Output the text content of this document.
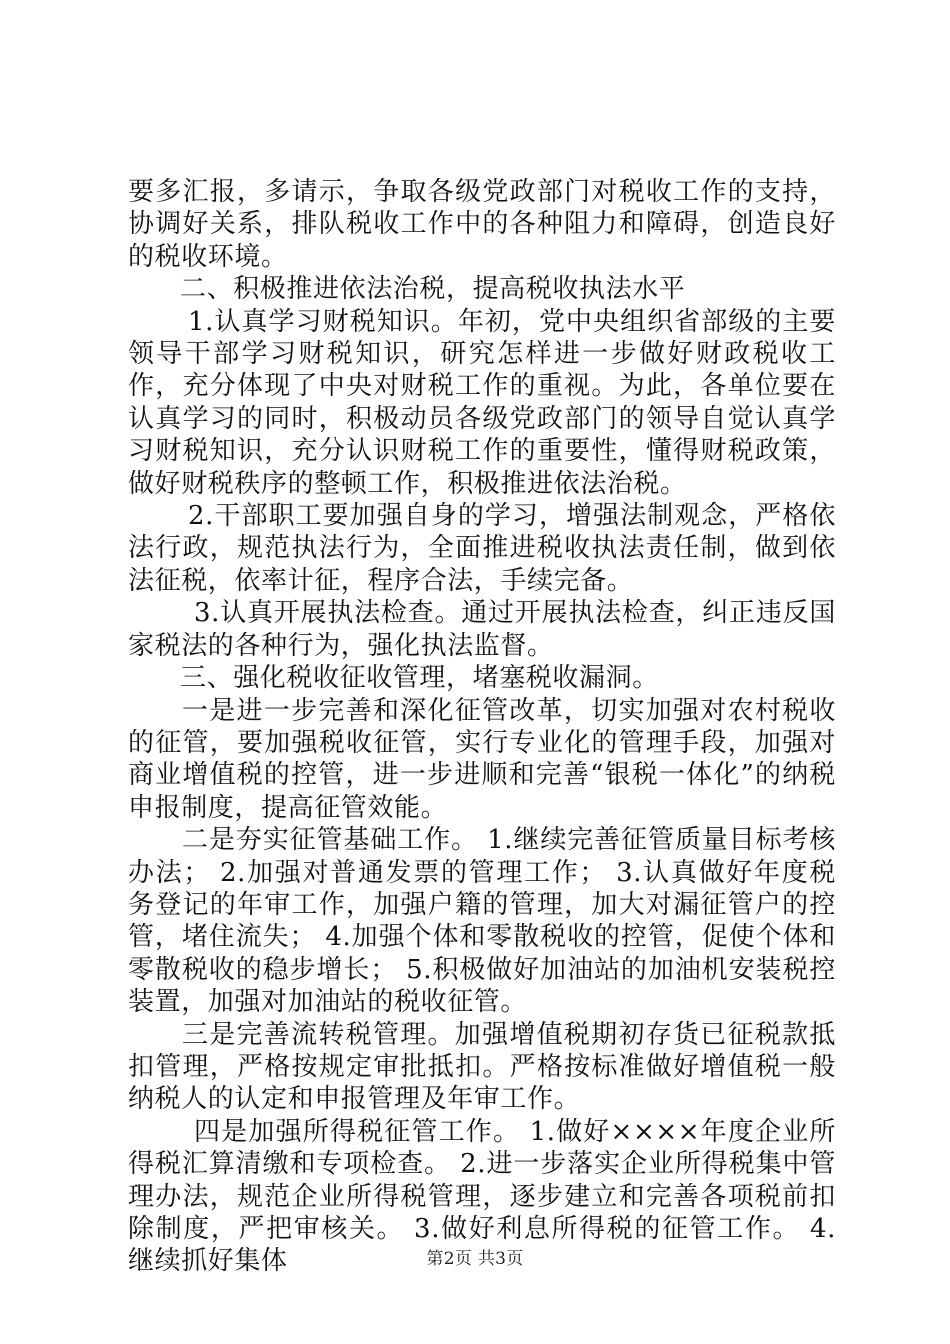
要多汇报，多请示，争取各级党政部门对税收工作的支持，协调好关系，排队税收工作中的各种阻力和障碍，创造良好的税收环境。

二、积极推进依法治税，提高税收执法水平

1.认真学习财税知识。年初，党中央组织省部级的主要领导干部学习财税知识，研究怎样进一步做好财政税收工作，充分体现了中央对财税工作的重视。为此，各单位要在认真学习的同时，积极动员各级党政部门的领导自觉认真学习财税知识，充分认识财税工作的重要性，懂得财税政策，做好财税秩序的整顿工作，积极推进依法治税。

2.干部职工要加强自身的学习，增强法制观念，严格依法行政，规范执法行为，全面推进税收执法责任制，做到依法征税，依率计征，程序合法，手续完备。

3.认真开展执法检查。通过开展执法检查，纠正违反国家税法的各种行为，强化执法监督。

三、强化税收征收管理，堵塞税收漏洞。

一是进一步完善和深化征管改革，切实加强对农村税收的征管，要加强税收征管，实行专业化的管理手段，加强对商业增值税的控管，进一步进顺和完善“银税一体化”的纳税申报制度，提高征管效能。

二是夯实征管基础工作。 1.继续完善征管质量目标考核办法； 2.加强对普通发票的管理工作； 3.认真做好年度税务登记的年审工作，加强户籍的管理，加大对漏征管户的控管，堵住流失； 4.加强个体和零散税收的控管，促使个体和零散税收的稳步增长； 5.积极做好加油站的加油机安装税控装置，加强对加油站的税收征管。

三是完善流转税管理。加强增值税期初存货已征税款抵扣管理，严格按规定审批抵扣。严格按标准做好增值税一般纳税人的认定和申报管理及年审工作。

四是加强所得税征管工作。 1.做好××××年度企业所得税汇算清缴和专项检查。 2.进一步落实企业所得税集中管理办法，规范企业所得税管理，逐步建立和完善各项税前扣除制度，严把审核关。 3.做好利息所得税的征管工作。 4.继续抓好集体	第2页 共3页
